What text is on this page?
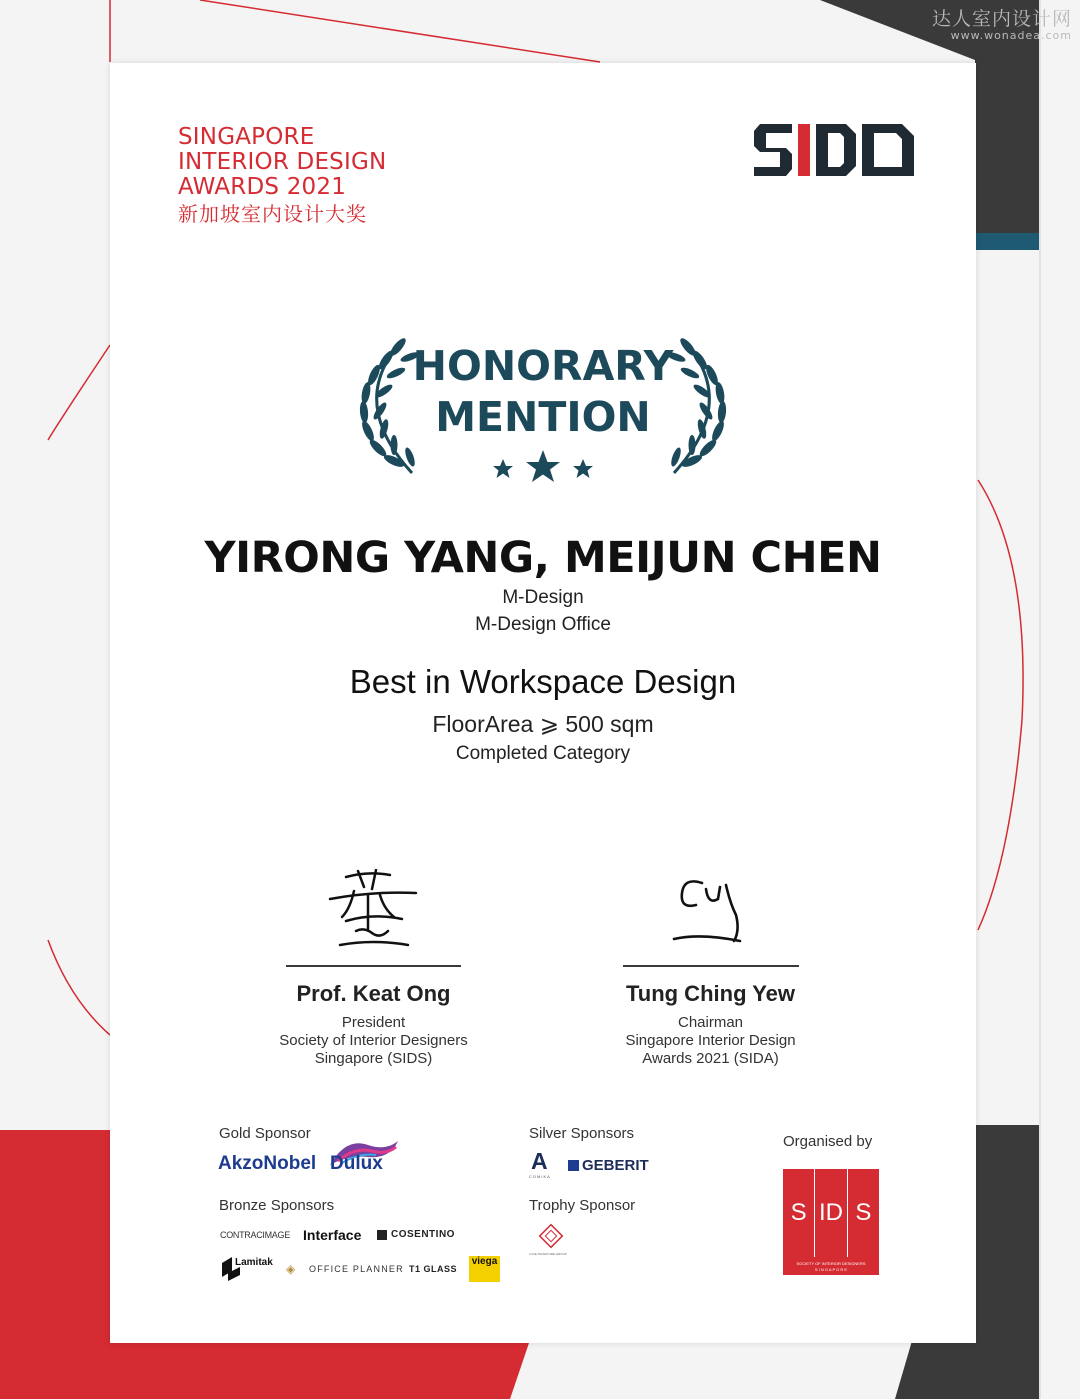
达人室内设计网
www.wonadea.com
SINGAPORE
INTERIOR DESIGN
AWARDS 2021
新加坡室内设计大奖
HONORARY
MENTION
YIRONG YANG, MEIJUN CHEN
M-Design
M-Design Office
Best in Workspace Design
FloorArea ⩾ 500 sqm
Completed Category
Prof. Keat Ong
President
Society of Interior Designers
Singapore (SIDS)
Tung Ching Yew
Chairman
Singapore Interior Design
Awards 2021 (SIDA)
Gold Sponsor
AkzoNobel Dulux
Bronze Sponsors
CONTRACIMAGE Interface	COSENTINO
Lamitak ◈ OFFICE PLANNER T1 GLASS
viega
Silver Sponsors
A
COMIKA
GEBERIT
Trophy Sponsor
LUXE SIGNATURE GROUP
Organised by
S ID S
SOCIETY OF INTERIOR DESIGNERS
S I N G A P O R E
